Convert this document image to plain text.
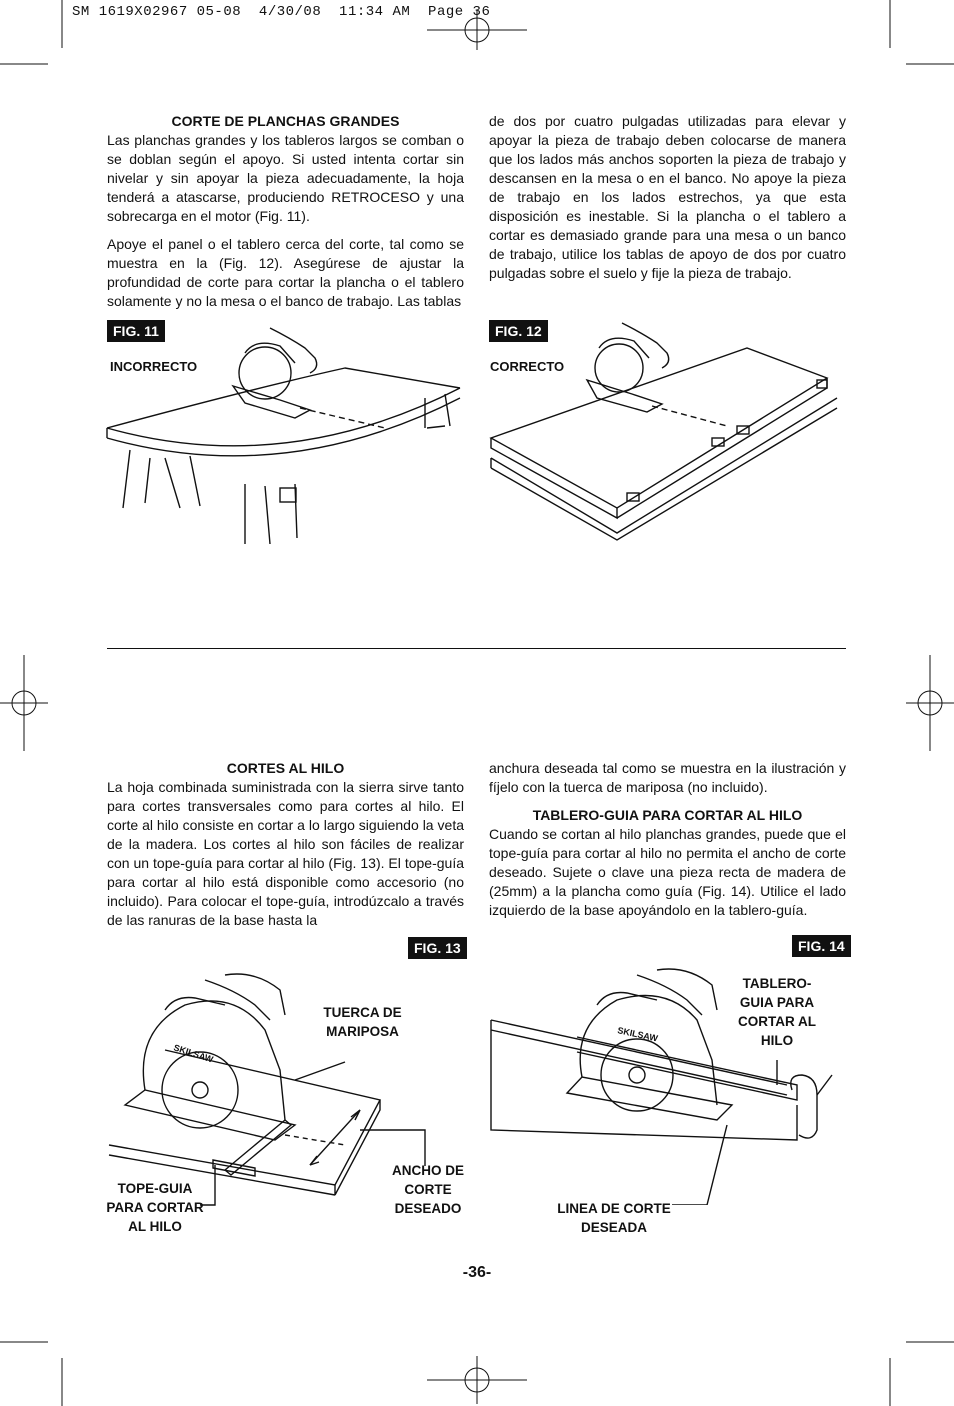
SM 1619X02967 05-08  4/30/08  11:34 AM  Page 36

CORTE DE PLANCHAS GRANDES

Las planchas grandes y los tableros largos se comban o se doblan según el apoyo. Si usted intenta cortar sin nivelar y sin apoyar la pieza adecuadamente, la hoja tenderá a atascarse, produciendo RETROCESO y una sobrecarga en el motor (Fig. 11).

Apoye el panel o el tablero cerca del corte, tal como se muestra en la (Fig. 12). Asegúrese de ajustar la profundidad de corte para cortar la plancha o el tablero solamente y no la mesa o el banco de trabajo. Las tablas

de dos por cuatro pulgadas utilizadas para elevar y apoyar la pieza de trabajo deben colocarse de manera que los lados más anchos soporten la pieza de trabajo y descansen en la mesa o en el banco. No apoye la pieza de trabajo en los lados estrechos, ya que esta disposición es inestable. Si la plancha o el tablero a cortar es demasiado grande para una mesa o un banco de trabajo, utilice los tablas de apoyo de dos por cuatro pulgadas sobre el suelo y fije la pieza de trabajo.

FIG. 11
INCORRECTO
FIG. 12
CORRECTO

CORTES AL HILO

La hoja combinada suministrada con la sierra sirve tanto para cortes transversales como para cortes al hilo. El corte al hilo consiste en cortar a lo largo siguiendo la veta de la madera. Los cortes al hilo son fáciles de realizar con un tope-guía para cortar al hilo (Fig. 13). El tope-guía para cortar al hilo está disponible como accesorio (no incluido). Para colocar el tope-guía, introdúzcalo a través de las ranuras de la base hasta la

anchura deseada tal como se muestra en la ilustración y fíjelo con la tuerca de mariposa (no incluido).

TABLERO-GUIA PARA CORTAR AL HILO

Cuando se cortan al hilo planchas grandes, puede que el tope-guía para cortar al hilo no permita el ancho de corte deseado. Sujete o clave una pieza recta de madera de (25mm) a la plancha como guía (Fig. 14). Utilice el lado izquierdo de la base apoyándolo en la tablero-guía.

FIG. 13
SKILSAW
TUERCA DE
MARIPOSA
TOPE-GUIA
PARA CORTAR
AL HILO
ANCHO DE
CORTE
DESEADO
FIG. 14
SKILSAW
TABLERO-
GUIA PARA
CORTAR AL
HILO
LINEA DE CORTE
DESEADA
-36-
